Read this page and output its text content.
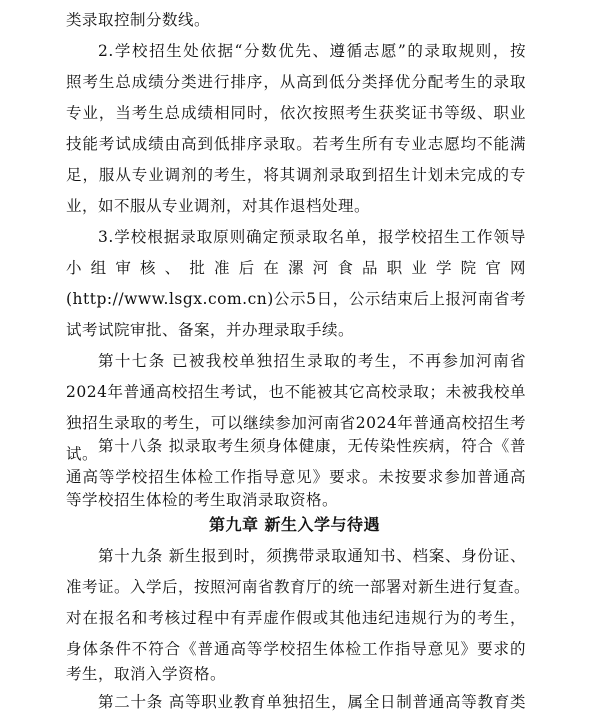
类录取控制分数线。
2.学校招生处依据“分数优先、遵循志愿”的录取规则，按
照考生总成绩分类进行排序，从高到低分类择优分配考生的录取
专业，当考生总成绩相同时，依次按照考生获奖证书等级、职业
技能考试成绩由高到低排序录取。若考生所有专业志愿均不能满
足，服从专业调剂的考生，将其调剂录取到招生计划未完成的专
业，如不服从专业调剂，对其作退档处理。
3.学校根据录取原则确定预录取名单，报学校招生工作领导
小组审核、批准后在漯河食品职业学院官网
(http://www.lsgx.com.cn)公示5日，公示结束后上报河南省考
试考试院审批、备案，并办理录取手续。
第十七条 已被我校单独招生录取的考生，不再参加河南省
2024年普通高校招生考试，也不能被其它高校录取；未被我校单
独招生录取的考生，可以继续参加河南省2024年普通高校招生考
试。 第十八条 拟录取考生须身体健康，无传染性疾病，符合《普
通高等学校招生体检工作指导意见》要求。未按要求参加普通高
等学校招生体检的考生取消录取资格。
第九章 新生入学与待遇
第十九条 新生报到时，须携带录取通知书、档案、身份证、
准考证。入学后，按照河南省教育厅的统一部署对新生进行复查。
对在报名和考核过程中有弄虚作假或其他违纪违规行为的考生，
身体条件不符合《普通高等学校招生体检工作指导意见》要求的
考生，取消入学资格。
第二十条 高等职业教育单独招生，属全日制普通高等教育类
